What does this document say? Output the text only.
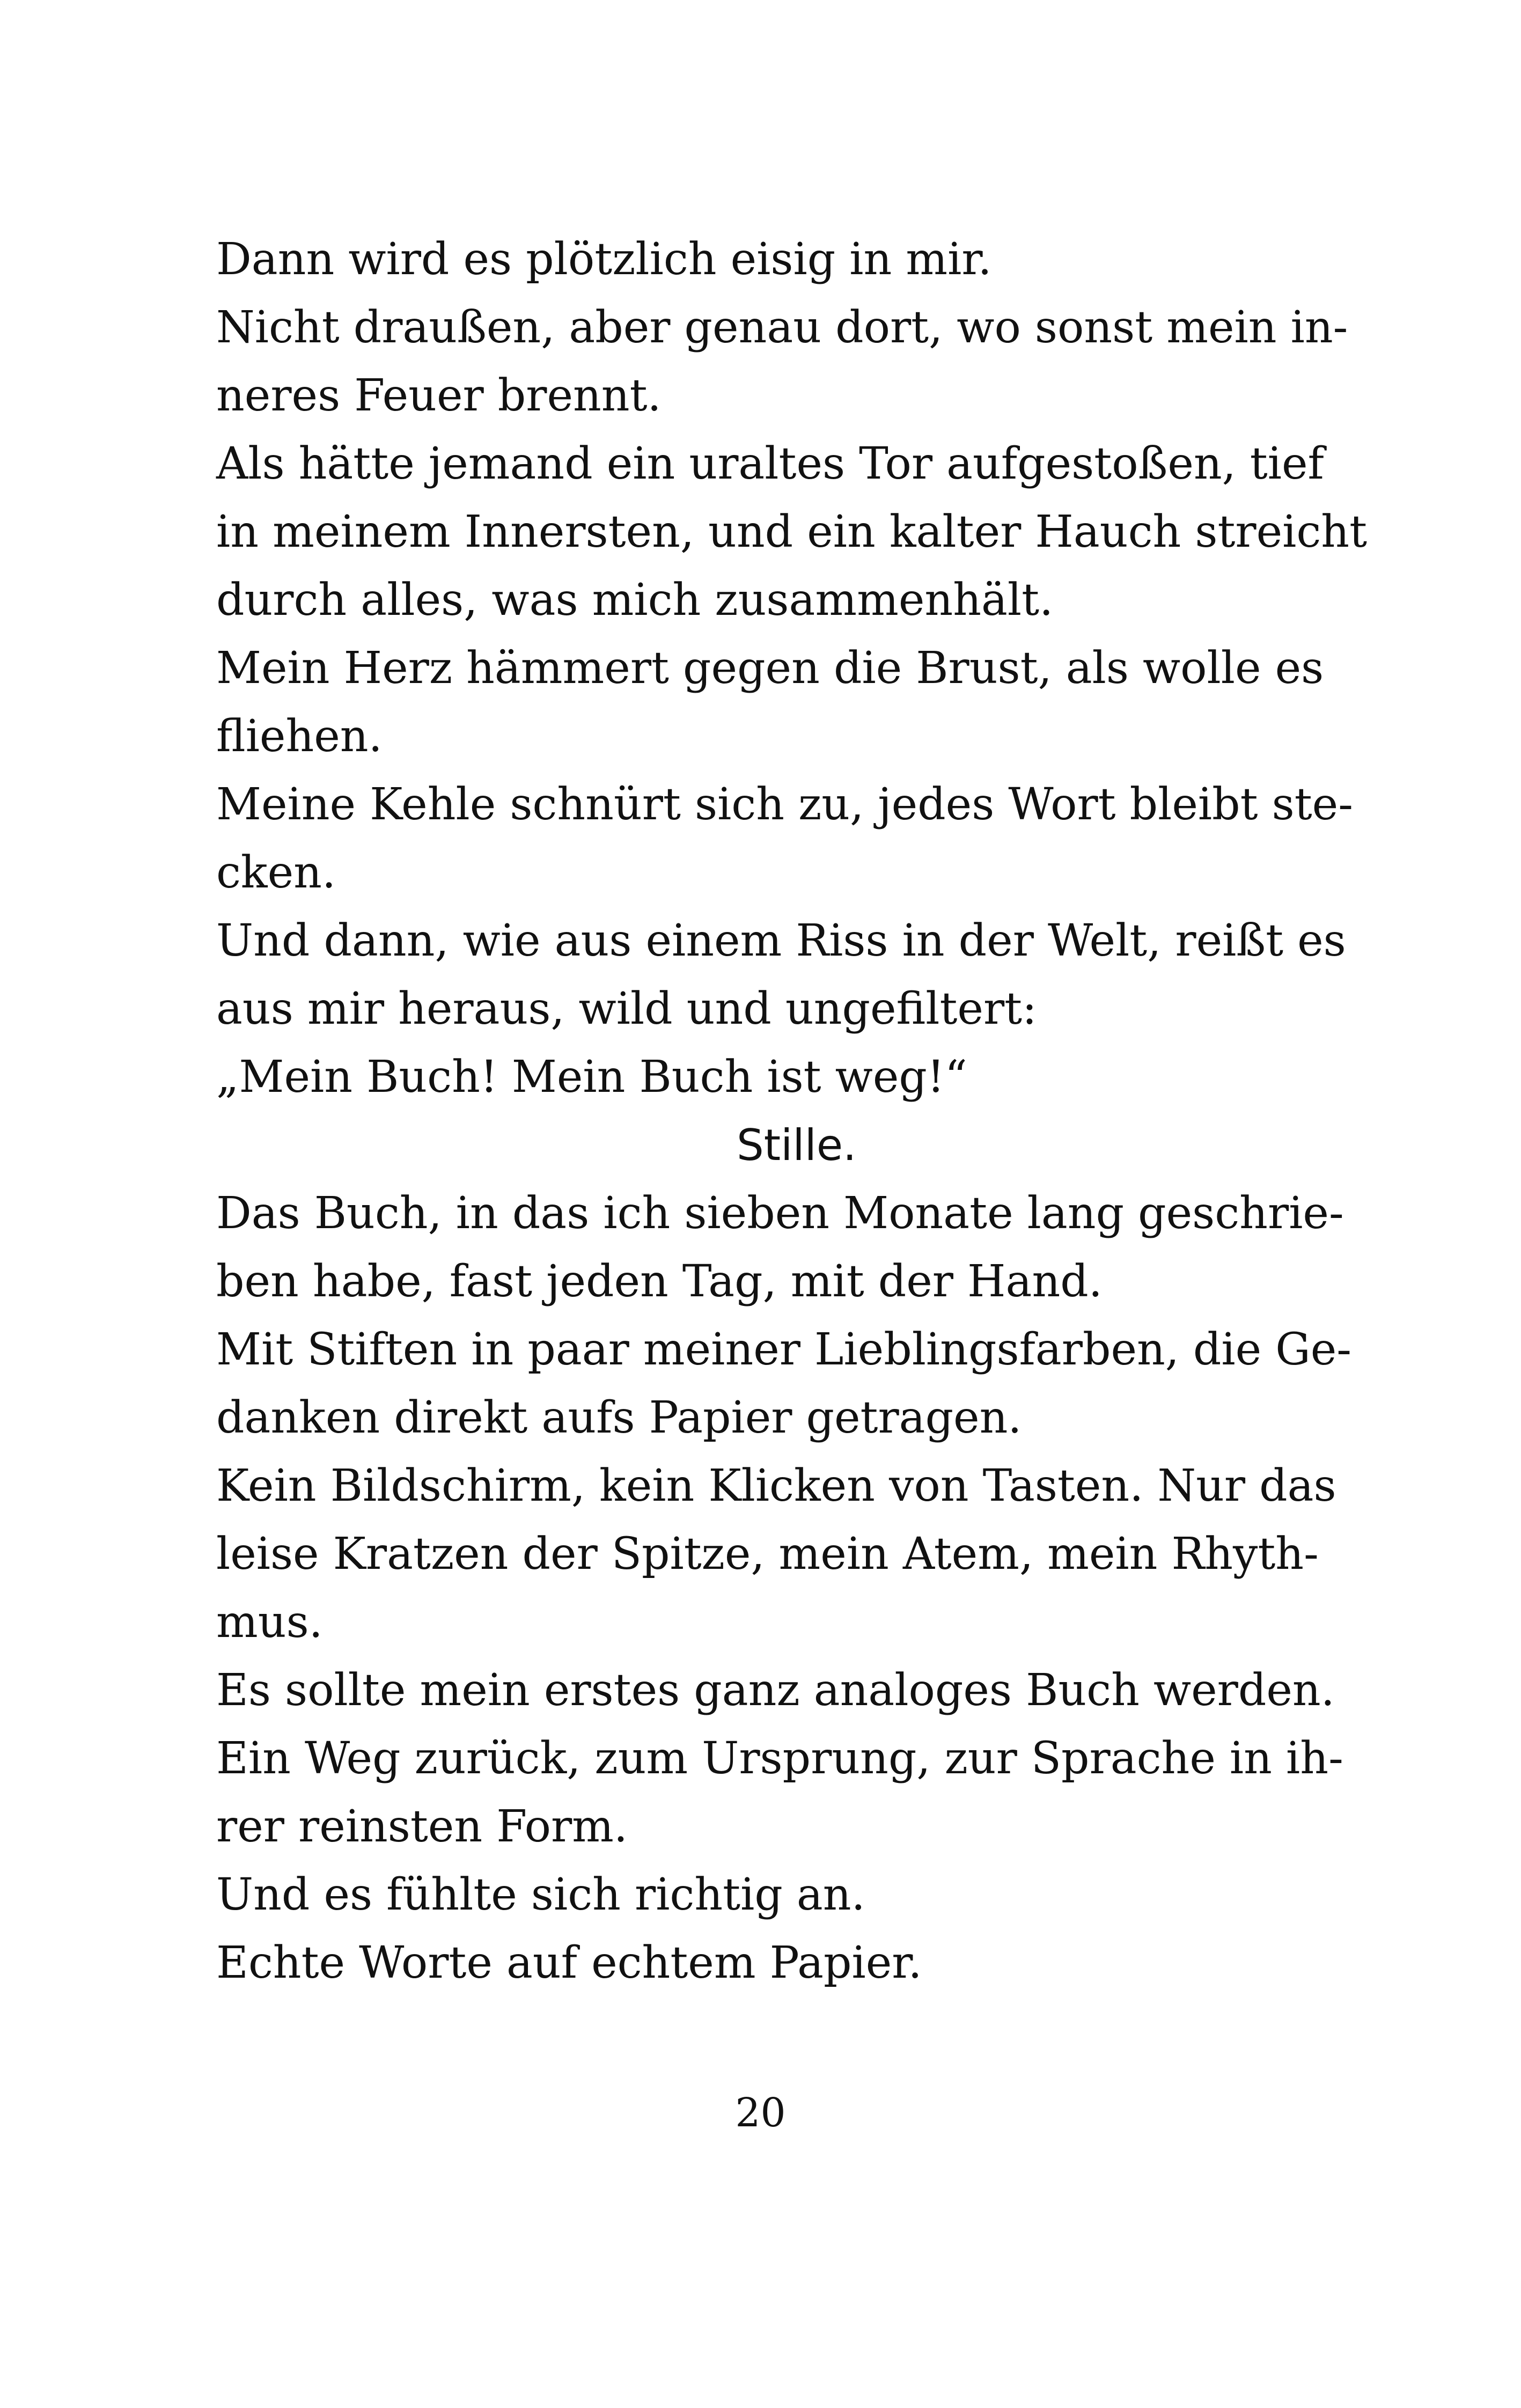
Dann wird es plötzlich eisig in mir.
Nicht draußen, aber genau dort, wo sonst mein in-
neres Feuer brennt.
Als hätte jemand ein uraltes Tor aufgestoßen, tief
in meinem Innersten, und ein kalter Hauch streicht
durch alles, was mich zusammenhält.
Mein Herz hämmert gegen die Brust, als wolle es
fliehen.
Meine Kehle schnürt sich zu, jedes Wort bleibt ste-
cken.
Und dann, wie aus einem Riss in der Welt, reißt es
aus mir heraus, wild und ungefiltert:
„Mein Buch! Mein Buch ist weg!“
Stille.
Das Buch, in das ich sieben Monate lang geschrie-
ben habe, fast jeden Tag, mit der Hand.
Mit Stiften in paar meiner Lieblingsfarben, die Ge-
danken direkt aufs Papier getragen.
Kein Bildschirm, kein Klicken von Tasten. Nur das
leise Kratzen der Spitze, mein Atem, mein Rhyth-
mus.
Es sollte mein erstes ganz analoges Buch werden.
Ein Weg zurück, zum Ursprung, zur Sprache in ih-
rer reinsten Form.
Und es fühlte sich richtig an.
Echte Worte auf echtem Papier.
20
